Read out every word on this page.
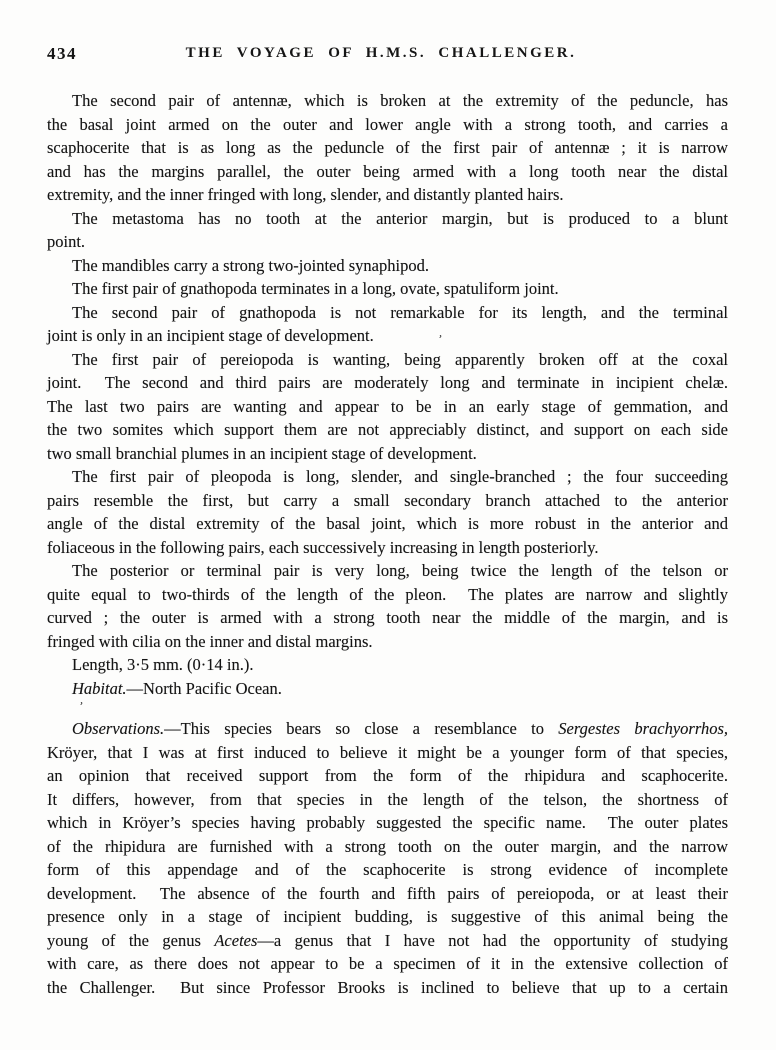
434	THE VOYAGE OF H.M.S. CHALLENGER.
The second pair of antennæ, which is broken at the extremity of the peduncle, has
the basal joint armed on the outer and lower angle with a strong tooth, and carries a
scaphocerite that is as long as the peduncle of the first pair of antennæ ; it is narrow
and has the margins parallel, the outer being armed with a long tooth near the distal
extremity, and the inner fringed with long, slender, and distantly planted hairs.
The metastoma has no tooth at the anterior margin, but is produced to a blunt
point.
The mandibles carry a strong two-jointed synaphipod.
The first pair of gnathopoda terminates in a long, ovate, spatuliform joint.
The second pair of gnathopoda is not remarkable for its length, and the terminal
joint is only in an incipient stage of development.
The first pair of pereiopoda is wanting, being apparently broken off at the coxal
joint.  The second and third pairs are moderately long and terminate in incipient chelæ.
The last two pairs are wanting and appear to be in an early stage of gemmation, and
the two somites which support them are not appreciably distinct, and support on each side
two small branchial plumes in an incipient stage of development.
The first pair of pleopoda is long, slender, and single-branched ; the four succeeding
pairs resemble the first, but carry a small secondary branch attached to the anterior
angle of the distal extremity of the basal joint, which is more robust in the anterior and
foliaceous in the following pairs, each successively increasing in length posteriorly.
The posterior or terminal pair is very long, being twice the length of the telson or
quite equal to two-thirds of the length of the pleon.  The plates are narrow and slightly
curved ; the outer is armed with a strong tooth near the middle of the margin, and is
fringed with cilia on the inner and distal margins.
Length, 3·5 mm. (0·14 in.).
Habitat.—North Pacific Ocean.
Observations.—This species bears so close a resemblance to Sergestes brachyorrhos,
Kröyer, that I was at first induced to believe it might be a younger form of that species,
an opinion that received support from the form of the rhipidura and scaphocerite.
It differs, however, from that species in the length of the telson, the shortness of
which in Kröyer’s species having probably suggested the specific name.  The outer plates
of the rhipidura are furnished with a strong tooth on the outer margin, and the narrow
form of this appendage and of the scaphocerite is strong evidence of incomplete
development.  The absence of the fourth and fifth pairs of pereiopoda, or at least their
presence only in a stage of incipient budding, is suggestive of this animal being the
young of the genus Acetes—a genus that I have not had the opportunity of studying
with care, as there does not appear to be a specimen of it in the extensive collection of
the Challenger.  But since Professor Brooks is inclined to believe that up to a certain
’
’
